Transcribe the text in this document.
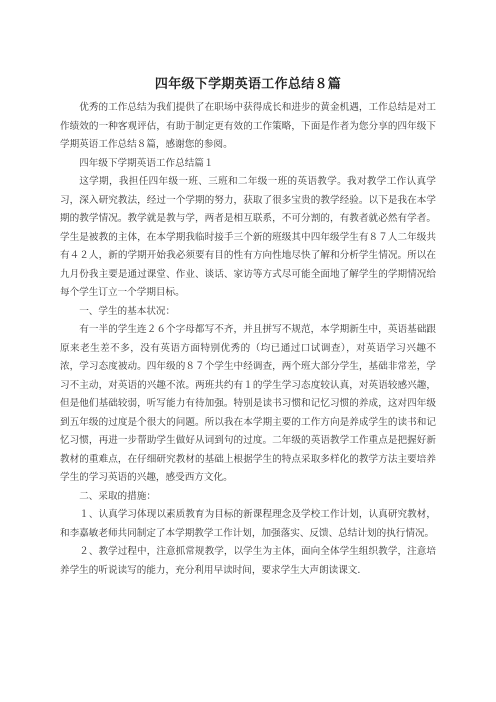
四年级下学期英语工作总结８篇

优秀的工作总结为我们提供了在职场中获得成长和进步的黄金机遇，工作总结是对工作绩效的一种客观评估，有助于制定更有效的工作策略，下面是作者为您分享的四年级下学期英语工作总结８篇，感谢您的参阅。

四年级下学期英语工作总结篇１

这学期，我担任四年级一班、三班和二年级一班的英语教学。我对教学工作认真学习，深入研究教法，经过一个学期的努力，获取了很多宝贵的教学经验。以下是我在本学期的教学情况。教学就是教与学，两者是相互联系，不可分割的，有教者就必然有学者。学生是被教的主体，在本学期我临时接手三个新的班级其中四年级学生有８７人二年级共有４２人，新的学期开始我必须要有目的性有方向性地尽快了解和分析学生情况。所以在九月份我主要是通过课堂、作业、谈话、家访等方式尽可能全面地了解学生的学期情况给每个学生订立一个学期目标。

一、学生的基本状况：

有一半的学生连２６个字母都写不齐，并且拼写不规范，本学期新生中，英语基础跟原来老生差不多，没有英语方面特别优秀的（均已通过口试调查），对英语学习兴趣不浓，学习态度被动。四年级的８７个学生中经调查，两个班大部分学生，基础非常差，学习不主动，对英语的兴趣不浓。两班共约有１的学生学习态度较认真，对英语较感兴趣，但是他们基础较弱，听写能力有待加强。特别是读书习惯和记忆习惯的养成，这对四年级到五年级的过度是个很大的问题。所以我在本学期主要的工作方向是养成学生的读书和记忆习惯，再进一步帮助学生做好从词到句的过度。二年级的英语教学工作重点是把握好新教材的重难点，在仔细研究教材的基础上根据学生的特点采取多样化的教学方法主要培养学生的学习英语的兴趣，感受西方文化。

二、采取的措施：

１、认真学习体现以素质教育为目标的新课程理念及学校工作计划，认真研究教材，和李嘉敏老师共同制定了本学期教学工作计划，加强落实、反馈、总结计划的执行情况。

２、教学过程中，注意抓常规教学，以学生为主体，面向全体学生组织教学，注意培养学生的听说读写的能力，充分利用早读时间，要求学生大声朗读课文．
